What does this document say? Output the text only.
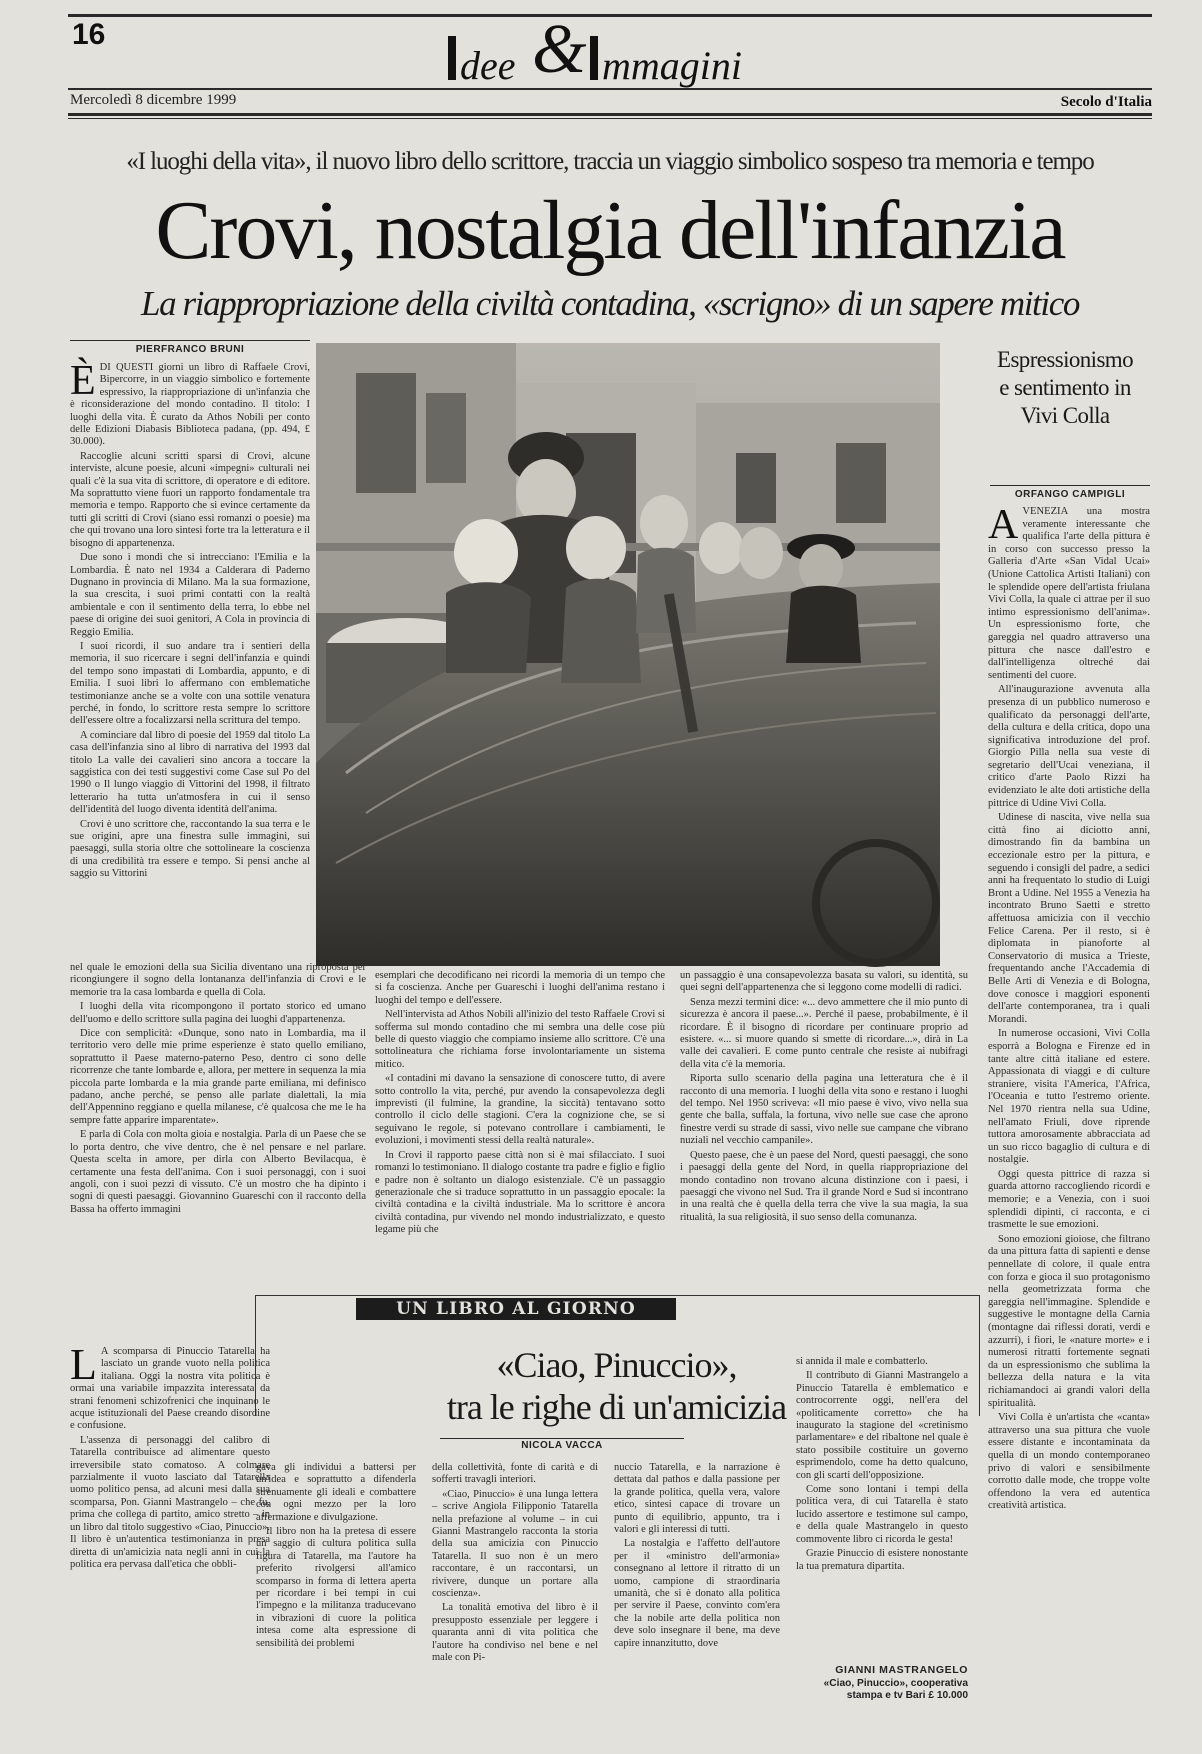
16
dee & mmagini
Mercoledì 8 dicembre 1999	Secolo d'Italia
«I luoghi della vita», il nuovo libro dello scrittore, traccia un viaggio simbolico sospeso tra memoria e tempo
Crovi, nostalgia dell'infanzia
La riappropriazione della civiltà contadina, «scrigno» di un sapere mitico
PIERFRANCO BRUNI
È DI QUESTI giorni un libro di Raffaele Crovi, Bipercorre, in un viaggio simbolico e fortemente espressivo, la riappropriazione di un'infanzia che è riconsiderazione del mondo contadino. Il titolo: I luoghi della vita. È curato da Athos Nobili per conto delle Edizioni Diabasis Biblioteca padana, (pp. 494, £ 30.000).

Raccoglie alcuni scritti sparsi di Crovi, alcune interviste, alcune poesie, alcuni «impegni» culturali nei quali c'è la sua vita di scrittore, di operatore e di editore. Ma soprattutto viene fuori un rapporto fondamentale tra memoria e tempo. Rapporto che si evince certamente da tutti gli scritti di Crovi (siano essi romanzi o poesie) ma che qui trovano una loro sintesi forte tra la letteratura e il bisogno di appartenenza.

Due sono i mondi che si intrecciano: l'Emilia e la Lombardia. È nato nel 1934 a Calderara di Paderno Dugnano in provincia di Milano. Ma la sua formazione, la sua crescita, i suoi primi contatti con la realtà ambientale e con il sentimento della terra, lo ebbe nel paese di origine dei suoi genitori, A Cola in provincia di Reggio Emilia.

I suoi ricordi, il suo andare tra i sentieri della memoria, il suo ricercare i segni dell'infanzia e quindi del tempo sono impastati di Lombardia, appunto, e di Emilia. I suoi libri lo affermano con emblematiche testimonianze anche se a volte con una sottile venatura perché, in fondo, lo scrittore resta sempre lo scrittore dell'essere oltre a focalizzarsi nella scrittura del tempo.

A cominciare dal libro di poesie del 1959 dal titolo La casa dell'infanzia sino al libro di narrativa del 1993 dal titolo La valle dei cavalieri sino ancora a toccare la saggistica con dei testi suggestivi come Case sul Po del 1990 o Il lungo viaggio di Vittorini del 1998, il filtrato letterario ha tutta un'atmosfera in cui il senso dell'identità del luogo diventa identità dell'anima.

Crovi è uno scrittore che, raccontando la sua terra e le sue origini, apre una finestra sulle immagini, sui paesaggi, sulla storia oltre che sottolineare la coscienza di una credibilità tra essere e tempo. Si pensi anche al saggio su Vittorini

nel quale le emozioni della sua Sicilia diventano una riproposta per ricongiungere il sogno della lontananza dell'infanzia di Crovi e le memorie tra la casa lombarda e quella di Cola.

I luoghi della vita ricompongono il portato storico ed umano dell'uomo e dello scrittore sulla pagina dei luoghi d'appartenenza.

Dice con semplicità: «Dunque, sono nato in Lombardia, ma il territorio vero delle mie prime esperienze è stato quello emiliano, soprattutto il Paese materno-paterno Peso, dentro ci sono delle ricorrenze che tante lombarde e, allora, per mettere in sequenza la mia piccola parte lombarda e la mia grande parte emiliana, mi definisco padano, anche perché, se penso alle parlate dialettali, la mia dell'Appennino reggiano e quella milanese, c'è qualcosa che me le ha sempre fatte apparire imparentate».

E parla di Cola con molta gioia e nostalgia. Parla di un Paese che se lo porta dentro, che vive dentro, che è nel pensare e nel parlare. Questa scelta in amore, per dirla con Alberto Bevilacqua, è certamente una festa dell'anima. Con i suoi personaggi, con i suoi angoli, con i suoi pezzi di vissuto. C'è un mostro che ha dipinto i sogni di questi paesaggi. Giovannino Guareschi con il racconto della Bassa ha offerto immagini

esemplari che decodificano nei ricordi la memoria di un tempo che si fa coscienza. Anche per Guareschi i luoghi dell'anima restano i luoghi del tempo e dell'essere.

Nell'intervista ad Athos Nobili all'inizio del testo Raffaele Crovi si sofferma sul mondo contadino che mi sembra una delle cose più belle di questo viaggio che compiamo insieme allo scrittore. C'è una sottolineatura che richiama forse involontariamente un sistema mitico.

«I contadini mi davano la sensazione di conoscere tutto, di avere sotto controllo la vita, perché, pur avendo la consapevolezza degli imprevisti (il fulmine, la grandine, la siccità) tentavano sotto controllo il ciclo delle stagioni. C'era la cognizione che, se si seguivano le regole, si potevano controllare i cambiamenti, le evoluzioni, i movimenti stessi della realtà naturale».

In Crovi il rapporto paese città non si è mai sfilacciato. I suoi romanzi lo testimoniano. Il dialogo costante tra padre e figlio e figlio e padre non è soltanto un dialogo esistenziale. C'è un passaggio generazionale che si traduce soprattutto in un passaggio epocale: la civiltà contadina e la civiltà industriale. Ma lo scrittore è ancora civiltà contadina, pur vivendo nel mondo industrializzato, e questo legame più che

un passaggio è una consapevolezza basata su valori, su identità, su quei segni dell'appartenenza che si leggono come modelli di radici.

Senza mezzi termini dice: «... devo ammettere che il mio punto di sicurezza è ancora il paese...». Perché il paese, probabilmente, è il ricordare. È il bisogno di ricordare per continuare proprio ad esistere. «... si muore quando si smette di ricordare...», dirà in La valle dei cavalieri. E come punto centrale che resiste ai nubifragi della vita c'è la memoria.

Riporta sullo scenario della pagina una letteratura che è il racconto di una memoria. I luoghi della vita sono e restano i luoghi del tempo. Nel 1950 scriveva: «Il mio paese è vivo, vivo nella sua gente che balla, suffala, la fortuna, vivo nelle sue case che aprono finestre verdi su strade di sassi, vivo nelle sue campane che vibrano nuziali nel vecchio campanile».

Questo paese, che è un paese del Nord, questi paesaggi, che sono i paesaggi della gente del Nord, in quella riappropriazione del mondo contadino non trovano alcuna distinzione con i paesi, i paesaggi che vivono nel Sud. Tra il grande Nord e Sud si incontrano in una realtà che è quella della terra che vive la sua magia, la sua ritualità, la sua religiosità, il suo senso della comunanza.

Espressionismo e sentimento in Vivi Colla
ORFANGO CAMPIGLI
A VENEZIA una mostra veramente interessante che qualifica l'arte della pittura è in corso con successo presso la Galleria d'Arte «San Vidal Ucai» (Unione Cattolica Artisti Italiani) con le splendide opere dell'artista friulana Vivi Colla, la quale ci attrae per il suo intimo espressionismo dell'anima». Un espressionismo forte, che gareggia nel quadro attraverso una pittura che nasce dall'estro e dall'intelligenza oltreché dai sentimenti del cuore.

All'inaugurazione avvenuta alla presenza di un pubblico numeroso e qualificato da personaggi dell'arte, della cultura e della critica, dopo una significativa introduzione del prof. Giorgio Pilla nella sua veste di segretario dell'Ucai veneziana, il critico d'arte Paolo Rizzi ha evidenziato le alte doti artistiche della pittrice di Udine Vivi Colla.

Udinese di nascita, vive nella sua città fino ai diciotto anni, dimostrando fin da bambina un eccezionale estro per la pittura, e seguendo i consigli del padre, a sedici anni ha frequentato lo studio di Luigi Bront a Udine. Nel 1955 a Venezia ha incontrato Bruno Saetti e stretto affettuosa amicizia con il vecchio Felice Carena. Per il resto, si è diplomata in pianoforte al Conservatorio di musica a Trieste, frequentando anche l'Accademia di Belle Arti di Venezia e di Bologna, dove conosce i maggiori esponenti dell'arte contemporanea, tra i quali Morandi.

In numerose occasioni, Vivi Colla esporrà a Bologna e Firenze ed in tante altre città italiane ed estere. Appassionata di viaggi e di culture straniere, visita l'America, l'Africa, l'Oceania e tutto l'estremo oriente. Nel 1970 rientra nella sua Udine, nell'amato Friuli, dove riprende tuttora amorosamente abbracciata ad un suo ricco bagaglio di cultura e di nostalgie.

Oggi questa pittrice di razza si guarda attorno raccogliendo ricordi e memorie; e a Venezia, con i suoi splendidi dipinti, ci racconta, e ci trasmette le sue emozioni.

Sono emozioni gioiose, che filtrano da una pittura fatta di sapienti e dense pennellate di colore, il quale entra con forza e gioca il suo protagonismo nella geometrizzata forma che gareggia nell'immagine. Splendide e suggestive le montagne della Carnia (montagne dai riflessi dorati, verdi e azzurri), i fiori, le «nature morte» e i numerosi ritratti fortemente segnati da un espressionismo che sublima la bellezza della natura e la vita richiamandoci ai grandi valori della spiritualità.

Vivi Colla è un'artista che «canta» attraverso una sua pittura che vuole essere distante e incontaminata da quella di un mondo contemporaneo privo di valori e sensibilmente corrotto dalle mode, che troppe volte offendono la vera ed autentica creatività artistica.

UN LIBRO AL GIORNO
«Ciao, Pinuccio»,
tra le righe di un'amicizia
NICOLA VACCA
L A scomparsa di Pinuccio Tatarella ha lasciato un grande vuoto nella politica italiana. Oggi la nostra vita politica è ormai una variabile impazzita interessata da strani fenomeni schizofrenici che inquinano le acque istituzionali del Paese creando disordine e confusione.

L'assenza di personaggi del calibro di Tatarella contribuisce ad alimentare questo irreversibile stato comatoso. A colmare parzialmente il vuoto lasciato dal Tatarella uomo politico pensa, ad alcuni mesi dalla sua scomparsa, Pon. Gianni Mastrangelo – che fu, prima che collega di partito, amico stretto – in un libro dal titolo suggestivo «Ciao, Pinuccio». Il libro è un'autentica testimonianza in presa diretta di un'amicizia nata negli anni in cui la politica era pervasa dall'etica che obbli-

gava gli individui a battersi per un'idea e soprattutto a difenderla strenuamente gli ideali e combattere con ogni mezzo per la loro affermazione e divulgazione.

Il libro non ha la pretesa di essere un saggio di cultura politica sulla figura di Tatarella, ma l'autore ha preferito rivolgersi all'amico scomparso in forma di lettera aperta per ricordare i bei tempi in cui l'impegno e la militanza traducevano in vibrazioni di cuore la politica intesa come alta espressione di sensibilità dei problemi

della collettività, fonte di carità e di sofferti travagli interiori.

«Ciao, Pinuccio» è una lunga lettera – scrive Angiola Filipponio Tatarella nella prefazione al volume – in cui Gianni Mastrangelo racconta la storia della sua amicizia con Pinuccio Tatarella. Il suo non è un mero raccontare, è un raccontarsi, un rivivere, dunque un portare alla coscienza».

La tonalità emotiva del libro è il presupposto essenziale per leggere i quaranta anni di vita politica che l'autore ha condiviso nel bene e nel male con Pi-

nuccio Tatarella, e la narrazione è dettata dal pathos e dalla passione per la grande politica, quella vera, valore etico, sintesi capace di trovare un punto di equilibrio, appunto, tra i valori e gli interessi di tutti.

La nostalgia e l'affetto dell'autore per il «ministro dell'armonia» consegnano al lettore il ritratto di un uomo, campione di straordinaria umanità, che si è donato alla politica per servire il Paese, convinto com'era che la nobile arte della politica non deve solo insegnare il bene, ma deve capire innanzitutto, dove

si annida il male e combatterlo.

Il contributo di Gianni Mastrangelo a Pinuccio Tatarella è emblematico e controcorrente oggi, nell'era del «politicamente corretto» che ha inaugurato la stagione del «cretinismo parlamentare» e del ribaltone nel quale è stato possibile costituire un governo esprimendolo, come ha detto qualcuno, con gli scarti dell'opposizione.

Come sono lontani i tempi della politica vera, di cui Tatarella è stato lucido assertore e testimone sul campo, e della quale Mastrangelo in questo commovente libro ci ricorda le gesta!

Grazie Pinuccio di esistere nonostante la tua prematura dipartita.

GIANNI MASTRANGELO
«Ciao, Pinuccio», cooperativa stampa e tv Bari £ 10.000
